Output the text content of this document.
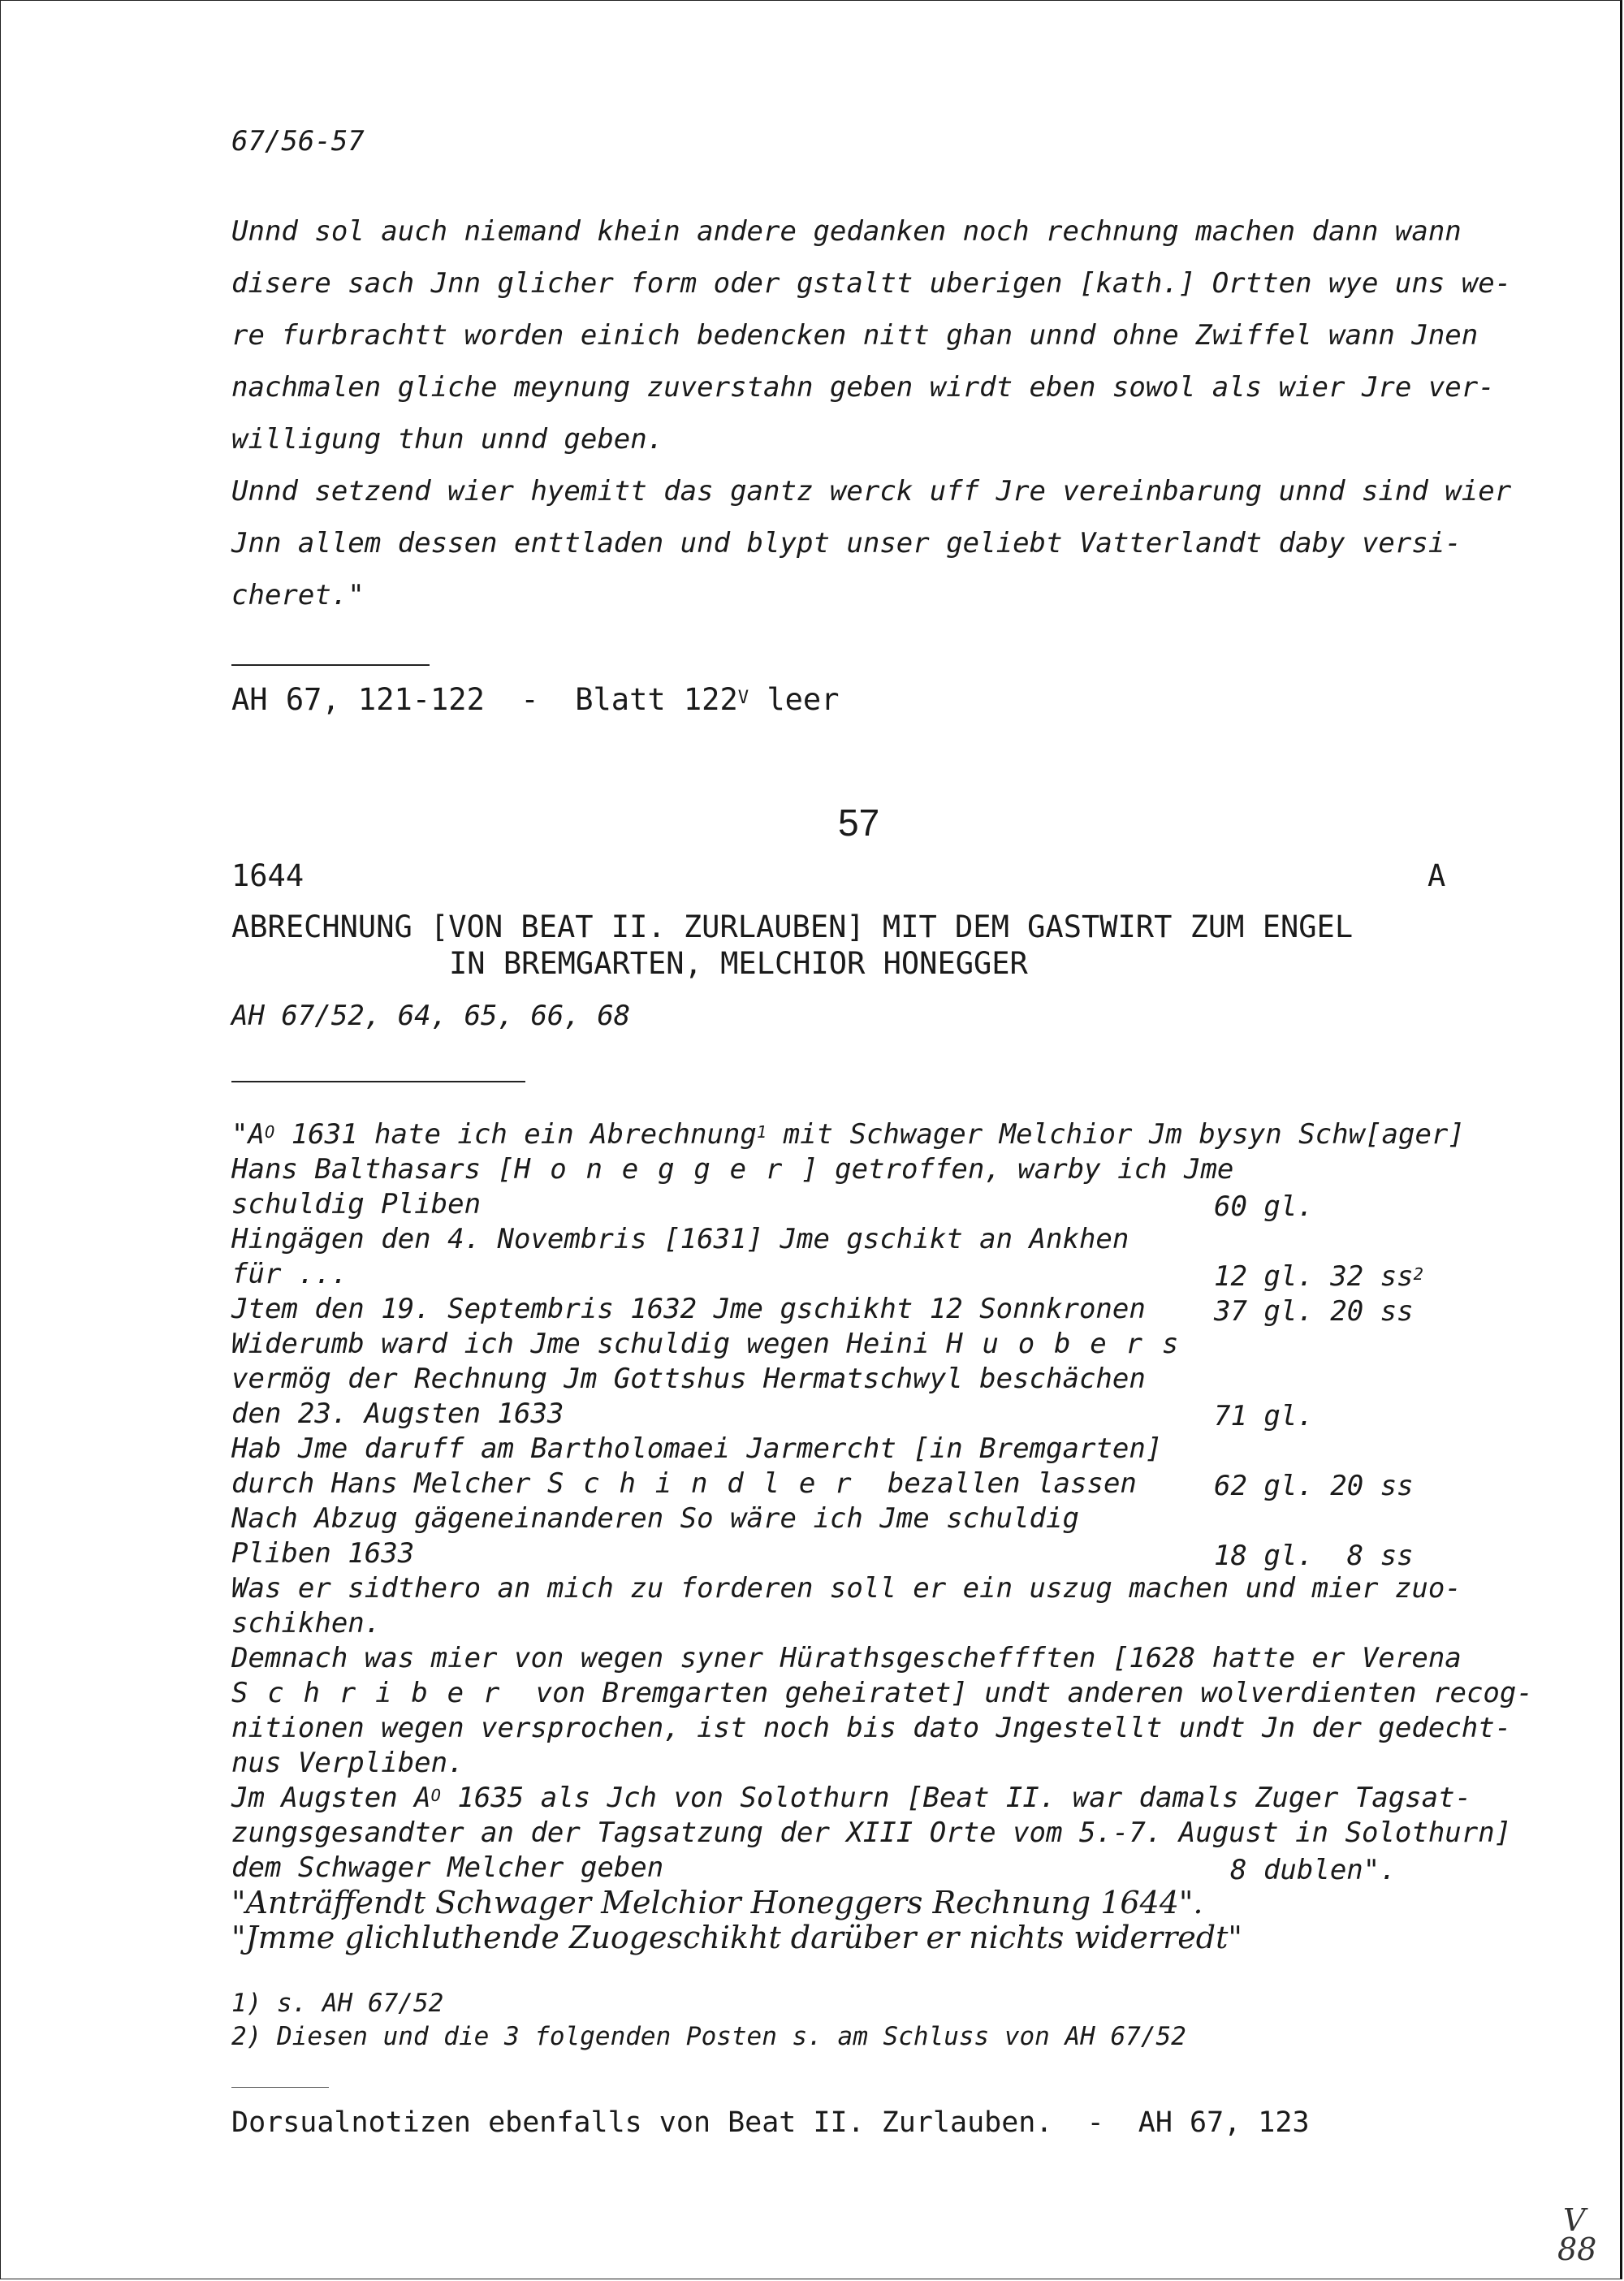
67/56-57
Unnd sol auch niemand khein andere gedanken noch rechnung machen dann wann
disere sach Jnn glicher form oder gstaltt uberigen [kath.] Ortten wye uns we-
re furbrachtt worden einich bedencken nitt ghan unnd ohne Zwiffel wann Jnen
nachmalen gliche meynung zuverstahn geben wirdt eben sowol als wier Jre ver-
willigung thun unnd geben.
Unnd setzend wier hyemitt das gantz werck uff Jre vereinbarung unnd sind wier
Jnn allem dessen enttladen und blypt unser geliebt Vatterlandt daby versi-
cheret."
AH 67, 121-122  -  Blatt $122^V$ leer
57
1644	A
ABRECHNUNG [VON BEAT II. ZURLAUBEN] MIT DEM GASTWIRT ZUM ENGEL
IN BREMGARTEN, MELCHIOR HONEGGER
AH 67/52, 64, 65, 66, 68
"$A^O$ 1631 hate ich ein Abrechnung$^1$ mit Schwager Melchior Jm bysyn Schw[ager]
Hans Balthasars [Honegger] getroffen, warby ich Jme
schuldig Pliben	60 gl.
Hingägen den 4. Novembris [1631] Jme gschikt an Ankhen
für ...	12 gl. 32 $ss^2$
Jtem den 19. Septembris 1632 Jme gschikht 12 Sonnkronen 37 gl. 20 ss
Widerumb ward ich Jme schuldig wegen Heini Huobers
vermög der Rechnung Jm Gottshus Hermatschwyl beschächen
den 23. Augsten 1633	71 gl.
Hab Jme daruff am Bartholomaei Jarmercht [in Bremgarten]
durch Hans Melcher Schindler bezallen lassen	62 gl. 20 ss
Nach Abzug gägeneinanderen So wäre ich Jme schuldig
Pliben 1633	18 gl.  8 ss
Was er sidthero an mich zu forderen soll er ein uszug machen und mier zuo-
schikhen.
Demnach was mier von wegen syner Hürathsgescheffften [1628 hatte er Verena
Schriber von Bremgarten geheiratet] undt anderen wolverdienten recog-
nitionen wegen versprochen, ist noch bis dato Jngestellt undt Jn der gedecht-
nus Verpliben.
Jm Augsten $A^O$ 1635 als Jch von Solothurn [Beat II. war damals Zuger Tagsat-
zungsgesandter an der Tagsatzung der XIII Orte vom 5.-7. August in Solothurn]
dem Schwager Melcher geben	8 dublen".
"Anträffendt Schwager Melchior Honeggers Rechnung 1644".
"Jmme glichluthende Zuogeschikht darüber er nichts widerredt"
1) s. AH 67/52
2) Diesen und die 3 folgenden Posten s. am Schluss von AH 67/52
Dorsualnotizen ebenfalls von Beat II. Zurlauben.  -  AH 67, 123
V
88
